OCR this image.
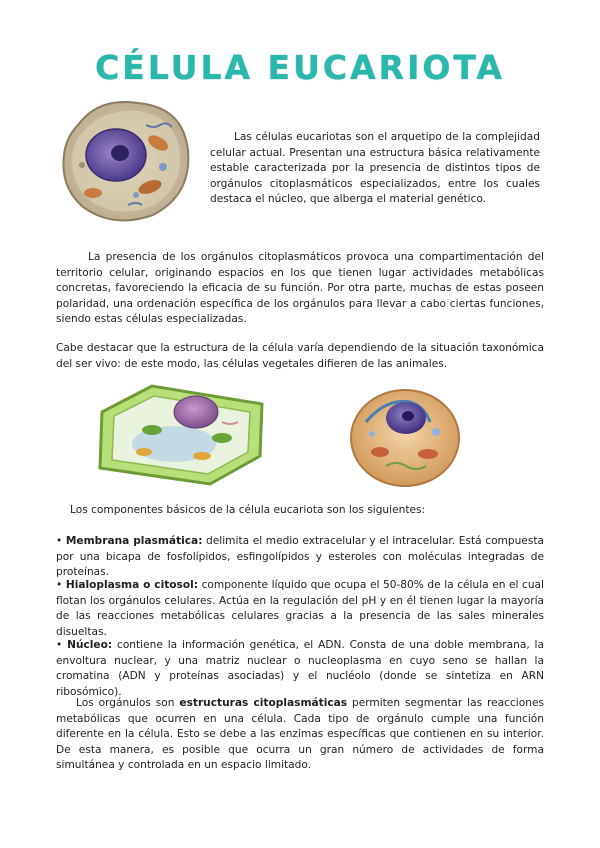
CÉLULA EUCARIOTA

Las células eucariotas son el arquetipo de la complejidad celular actual. Presentan una estructura básica relativamente estable caracterizada por la presencia de distintos tipos de orgánulos citoplasmáticos especializados, entre los cuales destaca el núcleo, que alberga el material genético.

La presencia de los orgánulos citoplasmáticos provoca una compartimentación del territorio celular, originando espacios en los que tienen lugar actividades metabólicas concretas, favoreciendo la eficacia de su función. Por otra parte, muchas de estas poseen polaridad, una ordenación específica de los orgánulos para llevar a cabo ciertas funciones, siendo estas células especializadas.

Cabe destacar que la estructura de la célula varía dependiendo de la situación taxonómica del ser vivo: de este modo, las células vegetales difieren de las animales.

Los componentes básicos de la célula eucariota son los siguientes:

• Membrana plasmática: delimita el medio extracelular y el intracelular. Está compuesta por una bicapa de fosfolípidos, esfingolípidos y esteroles con moléculas integradas de proteínas.

• Hialoplasma o citosol: componente líquido que ocupa el 50-80% de la célula en el cual flotan los orgánulos celulares. Actúa en la regulación del pH y en él tienen lugar la mayoría de las reacciones metabólicas celulares gracias a la presencia de las sales minerales disueltas.

• Núcleo: contiene la información genética, el ADN. Consta de una doble membrana, la envoltura nuclear, y una matriz nuclear o nucleoplasma en cuyo seno se hallan la cromatina (ADN y proteínas asociadas) y el nucléolo (donde se sintetiza en ARN ribosómico).

Los orgánulos son estructuras citoplasmáticas permiten segmentar las reacciones metabólicas que ocurren en una célula. Cada tipo de orgánulo cumple una función diferente en la célula. Esto se debe a las enzimas específicas que contienen en su interior. De esta manera, es posible que ocurra un gran número de actividades de forma simultánea y controlada en un espacio limitado.
